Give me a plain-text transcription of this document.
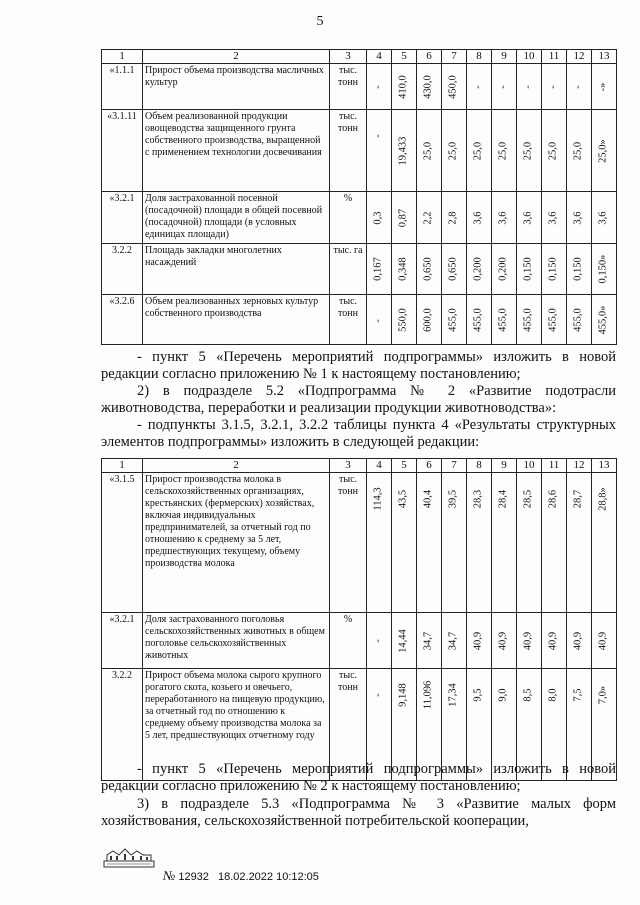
5
1	2	3	4	5	6	7	8	9	10	11	12	13
«1.1.1	Прирост объема производства масличных культур	тыс. тонн	-	410,0	430,0	450,0	-	-	-	-	-	-»

«3.1.11	Объем реализованной продукции овощеводства защищенного грунта собственного производства, выращенной с применением технологии досвечивания	тыс. тонн	-	19,433	25,0	25,0	25,0	25,0	25,0	25,0	25,0	25,0»

«3.2.1	Доля застрахованной посевной (посадочной) площади в общей посевной (посадочной) площади (в условных единицах площади)	%	0,3	0,87	2,2	2,8	3,6	3,6	3,6	3,6	3,6	3,6

3.2.2	Площадь закладки многолетних насаждений	тыс. га	0,167	0,348	0,650	0,650	0,200	0,200	0,150	0,150	0,150	0,150»

«3.2.6	Объем реализованных зерновых культур собственного производства	тыс. тонн	-	550,0	600,0	455,0	455,0	455,0	455,0	455,0	455,0	455,0»
- пункт 5 «Перечень мероприятий подпрограммы» изложить в новой редакции согласно приложению № 1 к настоящему постановлению;
2) в подразделе 5.2 «Подпрограмма № 2 «Развитие подотрасли животноводства, переработки и реализации продукции животноводства»:
- подпункты 3.1.5, 3.2.1, 3.2.2 таблицы пункта 4 «Результаты структурных элементов подпрограммы» изложить в следующей редакции:
1	2	3	4	5	6	7	8	9	10	11	12	13
«3.1.5	Прирост производства молока в сельскохозяйственных организациях, крестьянских (фермерских) хозяйствах, включая индивидуальных предпринимателей, за отчетный год по отношению к среднему за 5 лет, предшествующих текущему, объему производства молока	тыс. тонн	114,3	43,5	40,4	39,5	28,3	28,4	28,5	28,6	28,7	28,8»

«3.2.1	Доля застрахованного поголовья сельскохозяйственных животных в общем поголовье сельскохозяйственных животных	%	-	14,44	34,7	34,7	40,9	40,9	40,9	40,9	40,9	40,9

3.2.2	Прирост объема молока сырого крупного рогатого скота, козьего и овечьего, переработанного на пищевую продукцию, за отчетный год по отношению к среднему объему производства молока за 5 лет, предшествующих отчетному году	тыс. тонн	-	9,148	11,096	17,34	9,5	9,0	8,5	8,0	7,5	7,0»
- пункт 5 «Перечень мероприятий подпрограммы» изложить в новой редакции согласно приложению № 2 к настоящему постановлению;
3) в подразделе 5.3 «Подпрограмма № 3 «Развитие малых форм хозяйствования, сельскохозяйственной потребительской кооперации,
№ 12932 18.02.2022 10:12:05
